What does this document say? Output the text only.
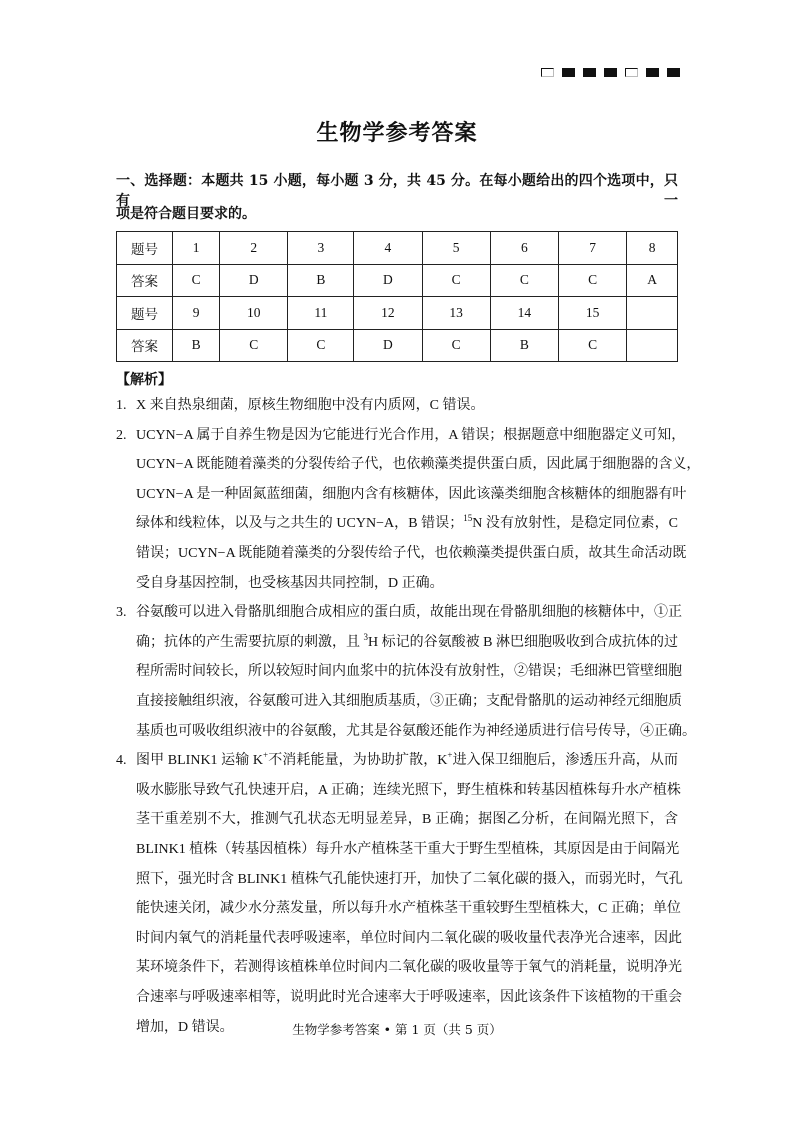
生物学参考答案
一、选择题：本题共 15 小题，每小题 3 分，共 45 分。在每小题给出的四个选项中，只有一
项是符合题目要求的。
题号	1	2	3	4	5	6	7	8
答案	C	D	B	D	C	C	C	A
题号	9	10	11	12	13	14	15	
答案	B	C	C	D	C	B	C	
【解析】
1. X 来自热泉细菌，原核生物细胞中没有内质网，C 错误。
2. UCYN−A 属于自养生物是因为它能进行光合作用，A 错误；根据题意中细胞器定义可知，
UCYN−A 既能随着藻类的分裂传给子代，也依赖藻类提供蛋白质，因此属于细胞器的含义，
UCYN−A 是一种固氮蓝细菌，细胞内含有核糖体，因此该藻类细胞含核糖体的细胞器有叶
绿体和线粒体，以及与之共生的 UCYN−A，B 错误；$^{15}$N 没有放射性，是稳定同位素，C
错误；UCYN−A 既能随着藻类的分裂传给子代，也依赖藻类提供蛋白质，故其生命活动既
受自身基因控制，也受核基因共同控制，D 正确。
3. 谷氨酸可以进入骨骼肌细胞合成相应的蛋白质，故能出现在骨骼肌细胞的核糖体中，①正
确；抗体的产生需要抗原的刺激，且 $^3$H 标记的谷氨酸被 B 淋巴细胞吸收到合成抗体的过
程所需时间较长，所以较短时间内血浆中的抗体没有放射性，②错误；毛细淋巴管壁细胞
直接接触组织液，谷氨酸可进入其细胞质基质，③正确；支配骨骼肌的运动神经元细胞质
基质也可吸收组织液中的谷氨酸，尤其是谷氨酸还能作为神经递质进行信号传导，④正确。
4. 图甲 BLINK1 运输 K+不消耗能量，为协助扩散，K+进入保卫细胞后，渗透压升高，从而
吸水膨胀导致气孔快速开启，A 正确；连续光照下，野生植株和转基因植株每升水产植株
茎干重差别不大，推测气孔状态无明显差异，B 正确；据图乙分析，在间隔光照下，含
BLINK1 植株（转基因植株）每升水产植株茎干重大于野生型植株，其原因是由于间隔光
照下，强光时含 BLINK1 植株气孔能快速打开，加快了二氧化碳的摄入，而弱光时，气孔
能快速关闭，减少水分蒸发量，所以每升水产植株茎干重较野生型植株大，C 正确；单位
时间内氧气的消耗量代表呼吸速率，单位时间内二氧化碳的吸收量代表净光合速率，因此
某环境条件下，若测得该植株单位时间内二氧化碳的吸收量等于氧气的消耗量，说明净光
合速率与呼吸速率相等，说明此时光合速率大于呼吸速率，因此该条件下该植物的干重会
增加，D 错误。	生物学参考答案 • 第 1 页（共 5 页）
